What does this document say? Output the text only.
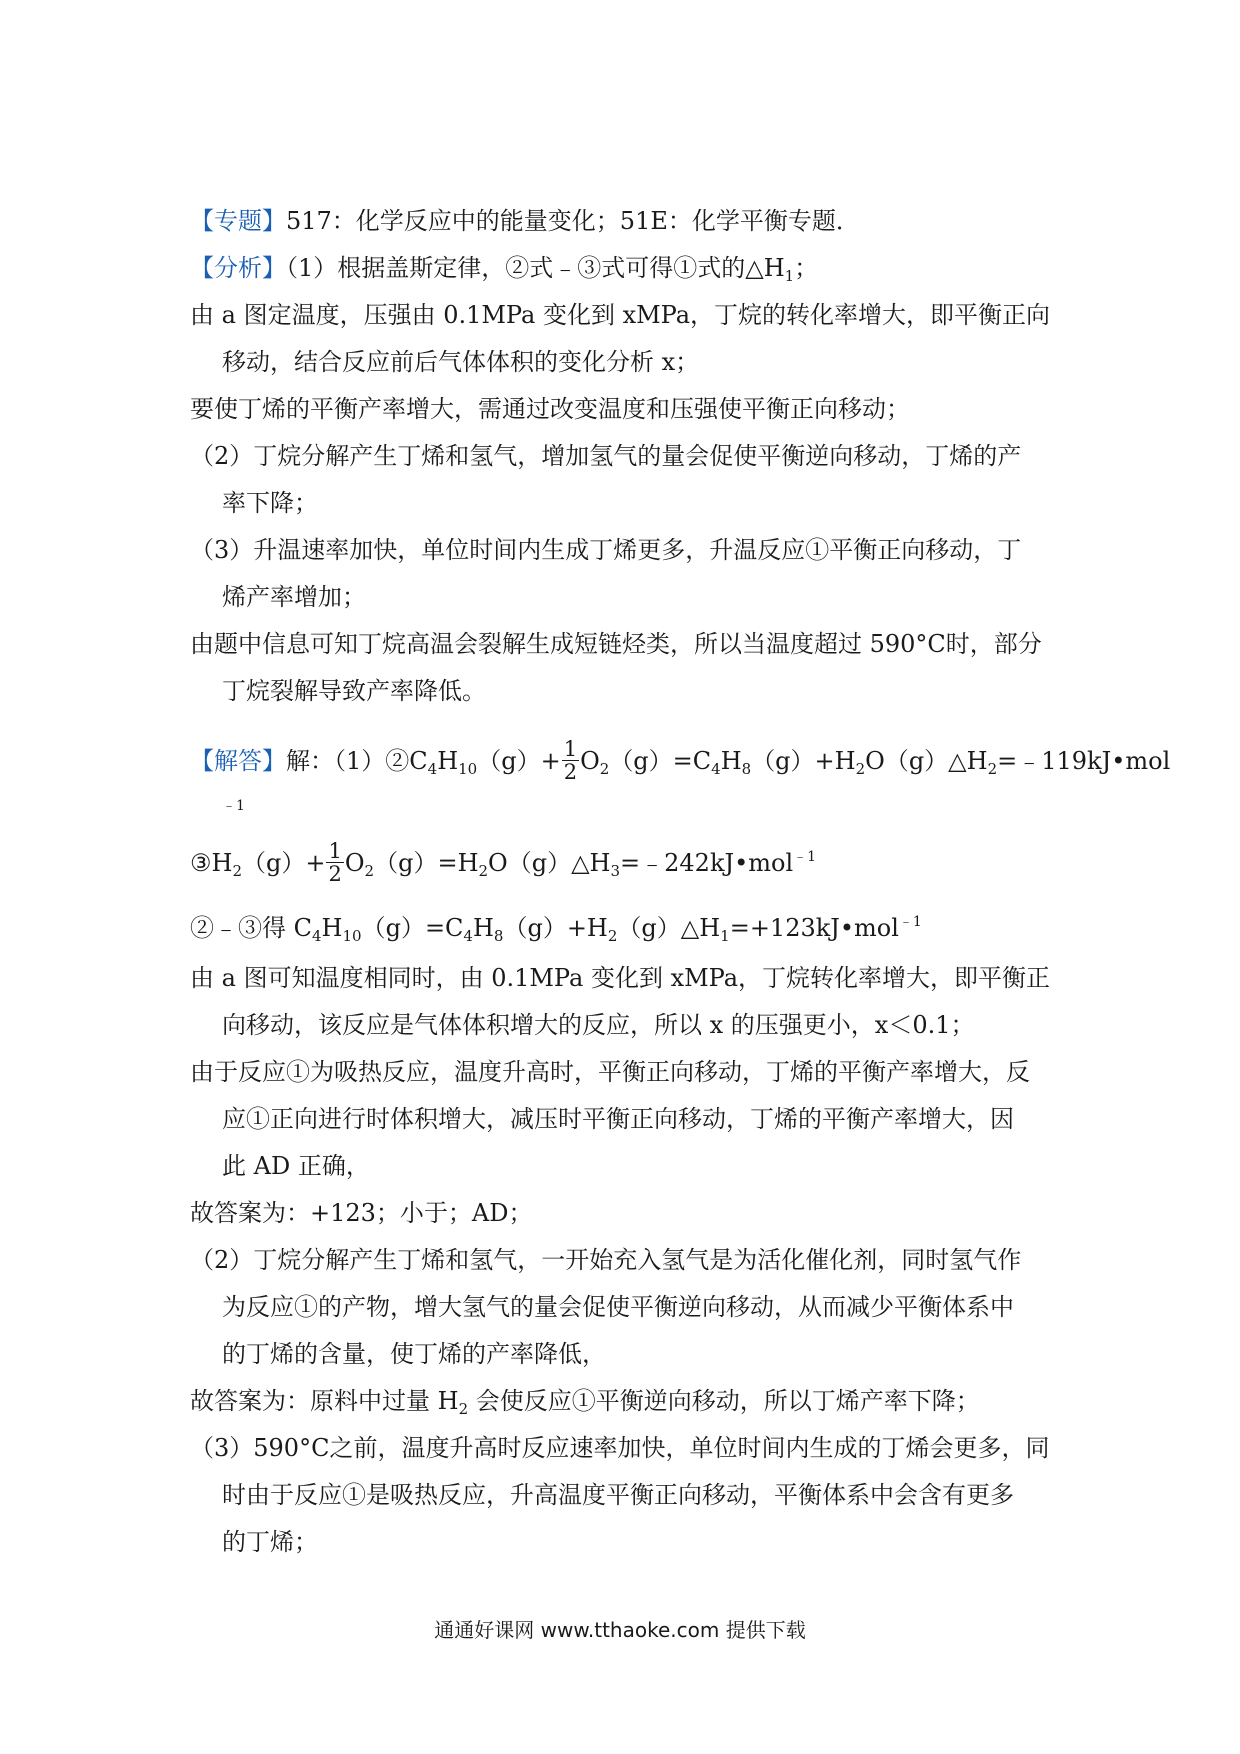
【专题】517：化学反应中的能量变化；51E：化学平衡专题．
【分析】（1）根据盖斯定律，②式﹣③式可得①式的$\triangle H_1$；
由 a 图定温度，压强由 0.1MPa 变化到 xMPa，丁烷的转化率增大，即平衡正向
移动，结合反应前后气体体积的变化分析 x；
要使丁烯的平衡产率增大，需通过改变温度和压强使平衡正向移动；
（2）丁烷分解产生丁烯和氢气，增加氢气的量会促使平衡逆向移动，丁烯的产
率下降；
（3）升温速率加快，单位时间内生成丁烯更多，升温反应①平衡正向移动，丁
烯产率增加；
由题中信息可知丁烷高温会裂解生成短链烃类，所以当温度超过 590°C时，部分
丁烷裂解导致产率降低。
【解答】解：$(1)②C_4H_{10}(g)+ \frac{1}{2}$ $O_2(g)=C_4H_8(g)+H_2O(g)\triangle H_2=﹣119kJ•mol$
﹣1
$③H_2(g)+ \frac{1}{2}$ $O_2(g)=H_2O(g)\triangle H_3=﹣242kJ•mol^{﹣1}$
②﹣③得 $C_4H_{10}(g)=C_4H_8(g)+H_2(g)\triangle H_1=+123kJ•mol^{﹣1}$
由 a 图可知温度相同时，由 0.1MPa 变化到 xMPa，丁烷转化率增大，即平衡正
向移动，该反应是气体体积增大的反应，所以 x 的压强更小，x＜0.1；
由于反应①为吸热反应，温度升高时，平衡正向移动，丁烯的平衡产率增大，反
应①正向进行时体积增大，减压时平衡正向移动，丁烯的平衡产率增大，因
此 AD 正确，
故答案为：+123；小于；AD；
（2）丁烷分解产生丁烯和氢气，一开始充入氢气是为活化催化剂，同时氢气作
为反应①的产物，增大氢气的量会促使平衡逆向移动，从而减少平衡体系中
的丁烯的含量，使丁烯的产率降低，
故答案为：原料中过量 $H_2$ 会使反应①平衡逆向移动，所以丁烯产率下降；
（3）590°C之前，温度升高时反应速率加快，单位时间内生成的丁烯会更多，同
时由于反应①是吸热反应，升高温度平衡正向移动，平衡体系中会含有更多
的丁烯；
通通好课网 www.tthaoke.com 提供下载
